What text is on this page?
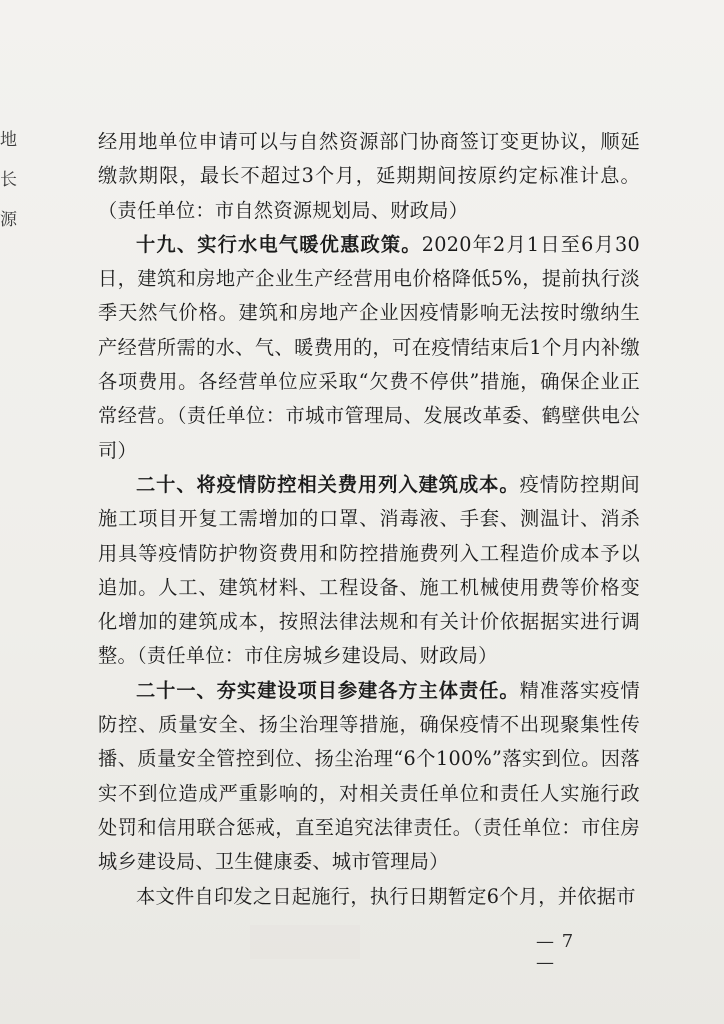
地
长
源

经用地单位申请可以与自然资源部门协商签订变更协议，顺延缴款期限，最长不超过3个月，延期期间按原约定标准计息。（责任单位：市自然资源规划局、财政局）

十九、实行水电气暖优惠政策。2020年2月1日至6月30日，建筑和房地产企业生产经营用电价格降低5%，提前执行淡季天然气价格。建筑和房地产企业因疫情影响无法按时缴纳生产经营所需的水、气、暖费用的，可在疫情结束后1个月内补缴各项费用。各经营单位应采取“欠费不停供”措施，确保企业正常经营。（责任单位：市城市管理局、发展改革委、鹤壁供电公司）

二十、将疫情防控相关费用列入建筑成本。疫情防控期间施工项目开复工需增加的口罩、消毒液、手套、测温计、消杀用具等疫情防护物资费用和防控措施费列入工程造价成本予以追加。人工、建筑材料、工程设备、施工机械使用费等价格变化增加的建筑成本，按照法律法规和有关计价依据据实进行调整。（责任单位：市住房城乡建设局、财政局）

二十一、夯实建设项目参建各方主体责任。精准落实疫情防控、质量安全、扬尘治理等措施，确保疫情不出现聚集性传播、质量安全管控到位、扬尘治理“6个100%”落实到位。因落实不到位造成严重影响的，对相关责任单位和责任人实施行政处罚和信用联合惩戒，直至追究法律责任。（责任单位：市住房城乡建设局、卫生健康委、城市管理局）

本文件自印发之日起施行，执行日期暂定6个月，并依据市

— 7 —
